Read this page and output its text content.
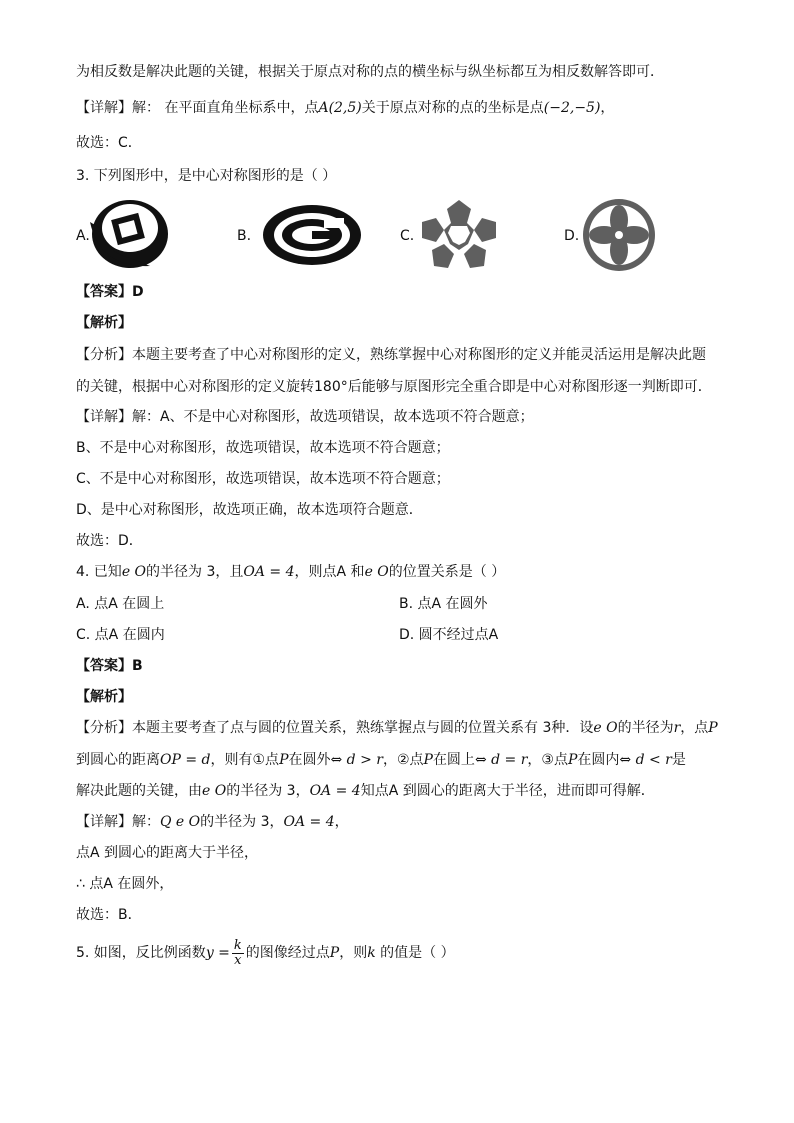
为相反数是解决此题的关键，根据关于原点对称的点的横坐标与纵坐标都互为相反数解答即可．
【详解】解： 在平面直角坐标系中，点A(2,5)关于原点对称的点的坐标是点(−2,−5)，
故选：C．
3. 下列图形中，是中心对称图形的是（ ）
A.	B.	C.	D.
【答案】D
【解析】
【分析】本题主要考查了中心对称图形的定义，熟练掌握中心对称图形的定义并能灵活运用是解决此题
的关键，根据中心对称图形的定义旋转180°后能够与原图形完全重合即是中心对称图形逐一判断即可．
【详解】解：A、不是中心对称图形，故选项错误，故本选项不符合题意；
B、不是中心对称图形，故选项错误，故本选项不符合题意；
C、不是中心对称图形，故选项错误，故本选项不符合题意；
D、是中心对称图形，故选项正确，故本选项符合题意．
故选：D．
4. 已知e O的半径为 3，且OA = 4，则点A 和e O的位置关系是（ ）
A. 点A 在圆上	B. 点A 在圆外
C. 点A 在圆内	D. 圆不经过点A
【答案】B
【解析】
【分析】本题主要考查了点与圆的位置关系，熟练掌握点与圆的位置关系有 3种．设e O的半径为r，点P
到圆心的距离OP = d，则有①点P在圆外⇔ d > r，②点P在圆上⇔ d = r，③点P在圆内⇔ d < r是
解决此题的关键，由e O的半径为 3，OA = 4知点A 到圆心的距离大于半径，进而即可得解．
【详解】解：Q e O的半径为 3，OA = 4，
点A 到圆心的距离大于半径，
∴ 点A 在圆外，
故选：B．
5. 如图，反比例函数$y = \frac{k}{x}$ 的图像经过点P，则k 的值是（ ）
